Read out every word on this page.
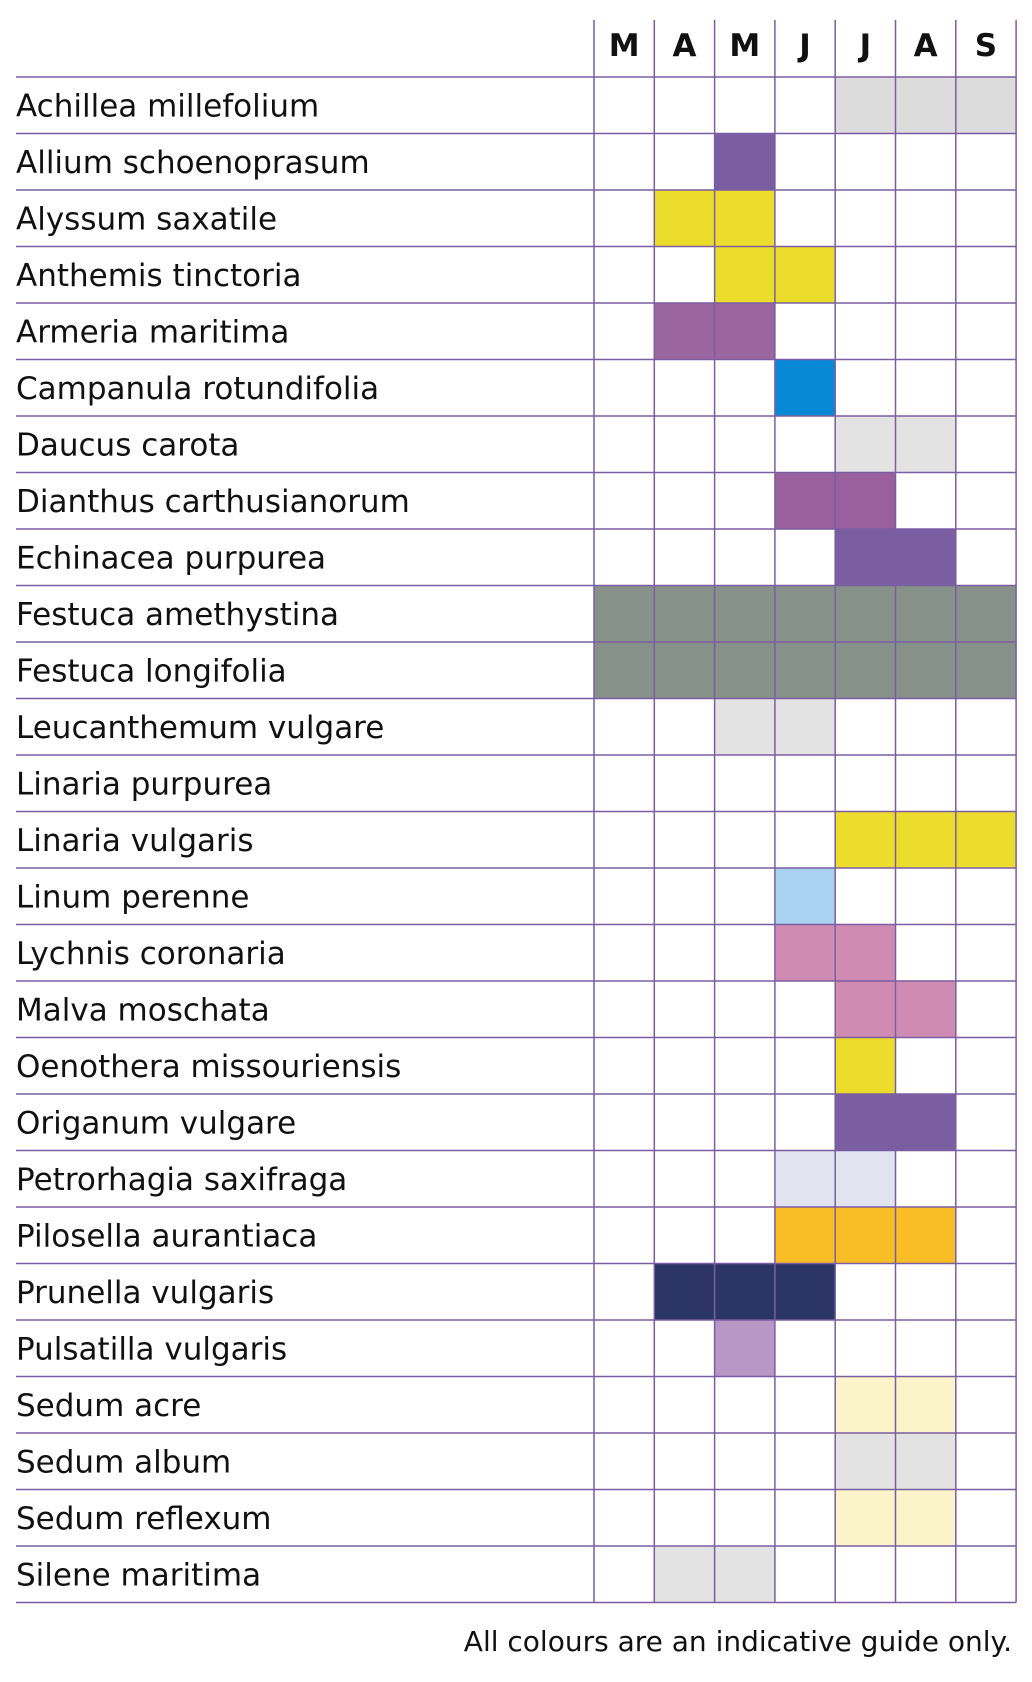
M A M J J A S
Achillea millefolium
Allium schoenoprasum
Alyssum saxatile
Anthemis tinctoria
Armeria maritima
Campanula rotundifolia
Daucus carota
Dianthus carthusianorum
Echinacea purpurea
Festuca amethystina
Festuca longifolia
Leucanthemum vulgare
Linaria purpurea
Linaria vulgaris
Linum perenne
Lychnis coronaria
Malva moschata
Oenothera missouriensis
Origanum vulgare
Petrorhagia saxifraga
Pilosella aurantiaca
Prunella vulgaris
Pulsatilla vulgaris
Sedum acre
Sedum album
Sedum reflexum
Silene maritima
All colours are an indicative guide only.
